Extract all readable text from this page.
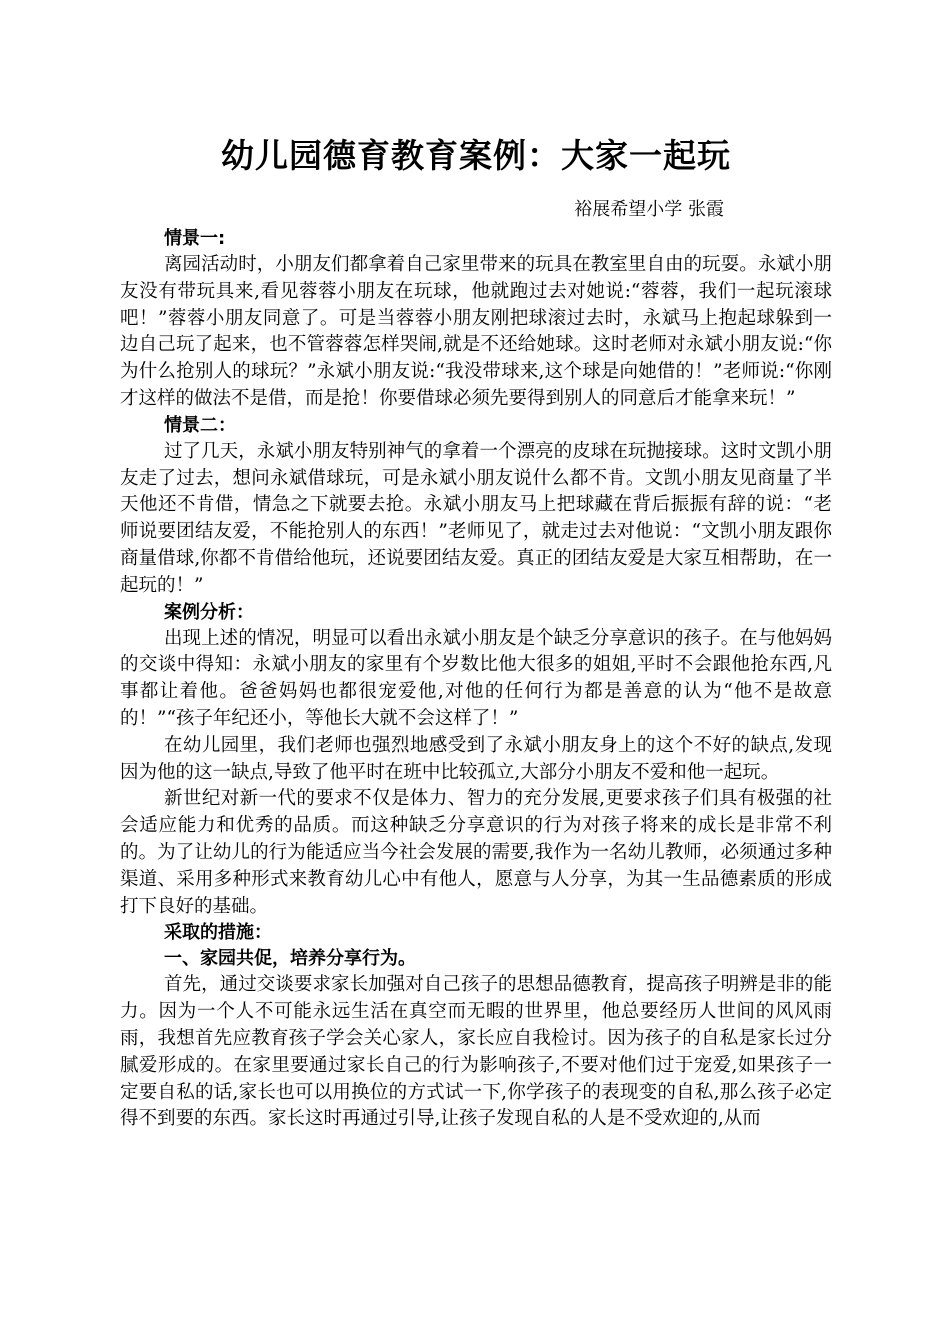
幼儿园德育教育案例：大家一起玩
裕展希望小学 张霞
情景一:

离园活动时，小朋友们都拿着自己家里带来的玩具在教室里自由的玩耍。永斌小朋友没有带玩具来,看见蓉蓉小朋友在玩球，他就跑过去对她说:“蓉蓉，我们一起玩滚球吧！”蓉蓉小朋友同意了。可是当蓉蓉小朋友刚把球滚过去时，永斌马上抱起球躲到一边自己玩了起来，也不管蓉蓉怎样哭闹,就是不还给她球。这时老师对永斌小朋友说:“你为什么抢别人的球玩？”永斌小朋友说:“我没带球来,这个球是向她借的！”老师说:“你刚才这样的做法不是借，而是抢！你要借球必须先要得到别人的同意后才能拿来玩！”

情景二：

过了几天，永斌小朋友特别神气的拿着一个漂亮的皮球在玩抛接球。这时文凯小朋友走了过去，想问永斌借球玩，可是永斌小朋友说什么都不肯。文凯小朋友见商量了半天他还不肯借，情急之下就要去抢。永斌小朋友马上把球藏在背后振振有辞的说：“老师说要团结友爱，不能抢别人的东西！”老师见了，就走过去对他说：“文凯小朋友跟你商量借球,你都不肯借给他玩，还说要团结友爱。真正的团结友爱是大家互相帮助，在一起玩的！”

案例分析：

出现上述的情况，明显可以看出永斌小朋友是个缺乏分享意识的孩子。在与他妈妈的交谈中得知：永斌小朋友的家里有个岁数比他大很多的姐姐,平时不会跟他抢东西,凡事都让着他。爸爸妈妈也都很宠爱他,对他的任何行为都是善意的认为“他不是故意的！”“孩子年纪还小，等他长大就不会这样了！”

在幼儿园里，我们老师也强烈地感受到了永斌小朋友身上的这个不好的缺点,发现因为他的这一缺点,导致了他平时在班中比较孤立,大部分小朋友不爱和他一起玩。

新世纪对新一代的要求不仅是体力、智力的充分发展,更要求孩子们具有极强的社会适应能力和优秀的品质。而这种缺乏分享意识的行为对孩子将来的成长是非常不利的。为了让幼儿的行为能适应当今社会发展的需要,我作为一名幼儿教师，必须通过多种渠道、采用多种形式来教育幼儿心中有他人，愿意与人分享，为其一生品德素质的形成打下良好的基础。

采取的措施：
一、家园共促，培养分享行为。

首先，通过交谈要求家长加强对自己孩子的思想品德教育，提高孩子明辨是非的能力。因为一个人不可能永远生活在真空而无暇的世界里，他总要经历人世间的风风雨雨，我想首先应教育孩子学会关心家人，家长应自我检讨。因为孩子的自私是家长过分腻爱形成的。在家里要通过家长自己的行为影响孩子,不要对他们过于宠爱,如果孩子一定要自私的话,家长也可以用换位的方式试一下,你学孩子的表现变的自私,那么孩子必定得不到要的东西。家长这时再通过引导,让孩子发现自私的人是不受欢迎的,从而
